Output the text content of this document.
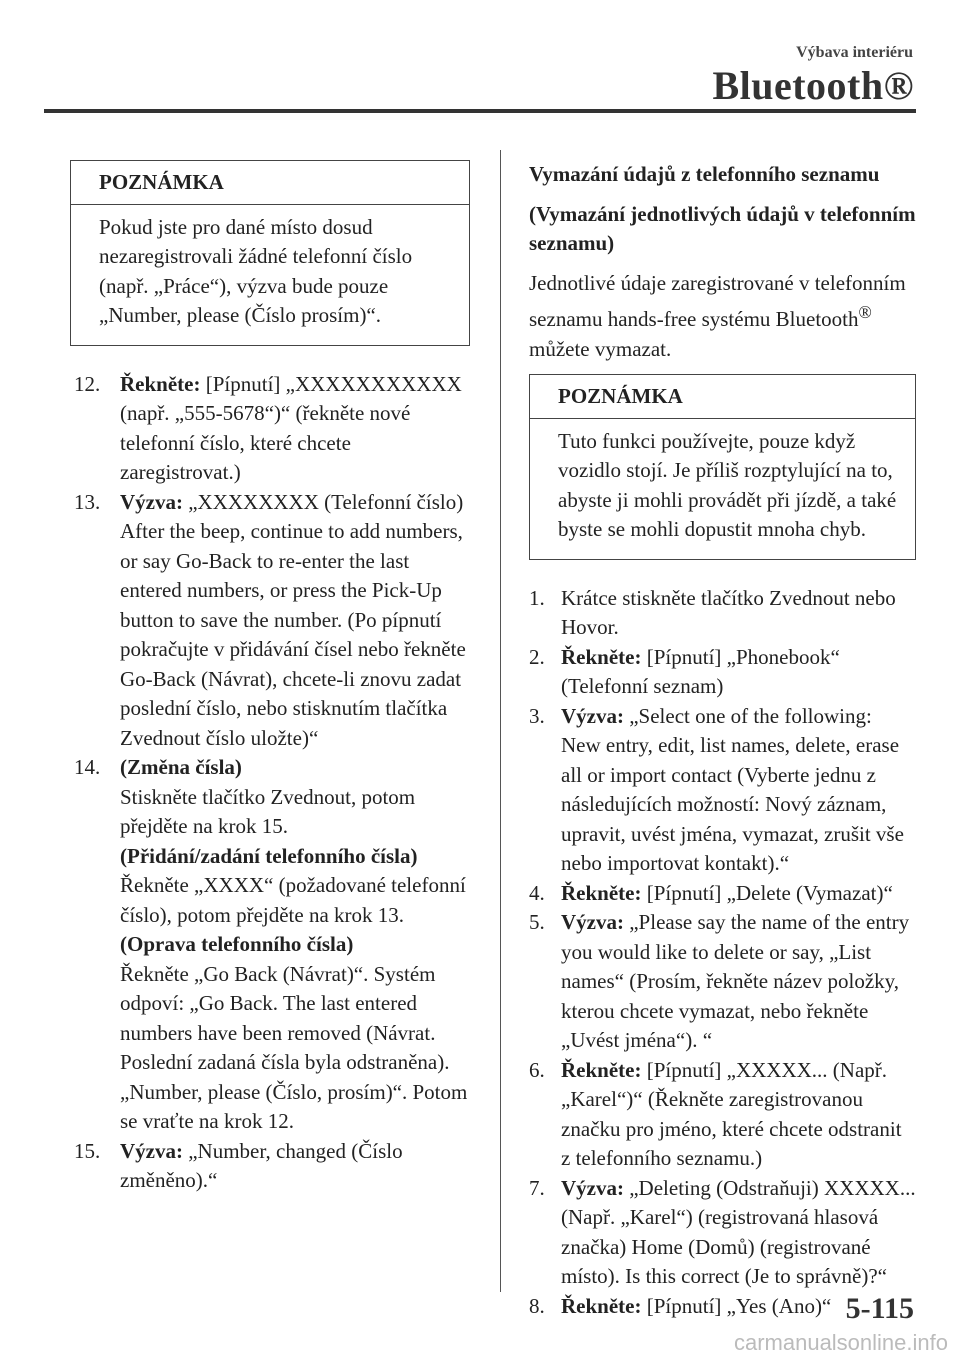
Výbava interiéru
Bluetooth®
POZNÁMKA
Pokud jste pro dané místo dosud nezaregistrovali žádné telefonní číslo (např. „Práce“), výzva bude pouze „Number, please (Číslo prosím)“.
12. Řekněte: [Pípnutí] „XXXXXXXXXXX (např. „555-5678“)“ (řekněte nové telefonní číslo, které chcete zaregistrovat.)
13. Výzva: „XXXXXXXX (Telefonní číslo) After the beep, continue to add numbers, or say Go-Back to re-enter the last entered numbers, or press the Pick-Up button to save the number. (Po pípnutí pokračujte v přidávání čísel nebo řekněte Go-Back (Návrat), chcete-li znovu zadat poslední číslo, nebo stisknutím tlačítka Zvednout číslo uložte)“
14. (Změna čísla)
Stiskněte tlačítko Zvednout, potom přejděte na krok 15.
(Přidání/zadání telefonního čísla)
Řekněte „XXXX“ (požadované telefonní číslo), potom přejděte na krok 13.
(Oprava telefonního čísla)
Řekněte „Go Back (Návrat)“. Systém odpoví: „Go Back. The last entered numbers have been removed (Návrat. Poslední zadaná čísla byla odstraněna). „Number, please (Číslo, prosím)“. Potom se vraťte na krok 12.
15. Výzva: „Number, changed (Číslo změněno).“
Vymazání údajů z telefonního seznamu
(Vymazání jednotlivých údajů v telefonním seznamu)

Jednotlivé údaje zaregistrované v telefonním seznamu hands-free systému Bluetooth® můžete vymazat.

POZNÁMKA
Tuto funkci používejte, pouze když vozidlo stojí. Je příliš rozptylující na to, abyste ji mohli provádět při jízdě, a také byste se mohli dopustit mnoha chyb.
1. Krátce stiskněte tlačítko Zvednout nebo Hovor.
2. Řekněte: [Pípnutí] „Phonebook“ (Telefonní seznam)
3. Výzva: „Select one of the following: New entry, edit, list names, delete, erase all or import contact (Vyberte jednu z následujících možností: Nový záznam, upravit, uvést jména, vymazat, zrušit vše nebo importovat kontakt).“
4. Řekněte: [Pípnutí] „Delete (Vymazat)“
5. Výzva: „Please say the name of the entry you would like to delete or say, „List names“ (Prosím, řekněte název položky, kterou chcete vymazat, nebo řekněte „Uvést jména“). “
6. Řekněte: [Pípnutí] „XXXXX... (Např. „Karel“)“ (Řekněte zaregistrovanou značku pro jméno, které chcete odstranit z telefonního seznamu.)
7. Výzva: „Deleting (Odstraňuji) XXXXX... (Např. „Karel“) (registrovaná hlasová značka) Home (Domů) (registrované místo). Is this correct (Je to správně)?“
8. Řekněte: [Pípnutí] „Yes (Ano)“ 5-115
carmanualsonline.info
